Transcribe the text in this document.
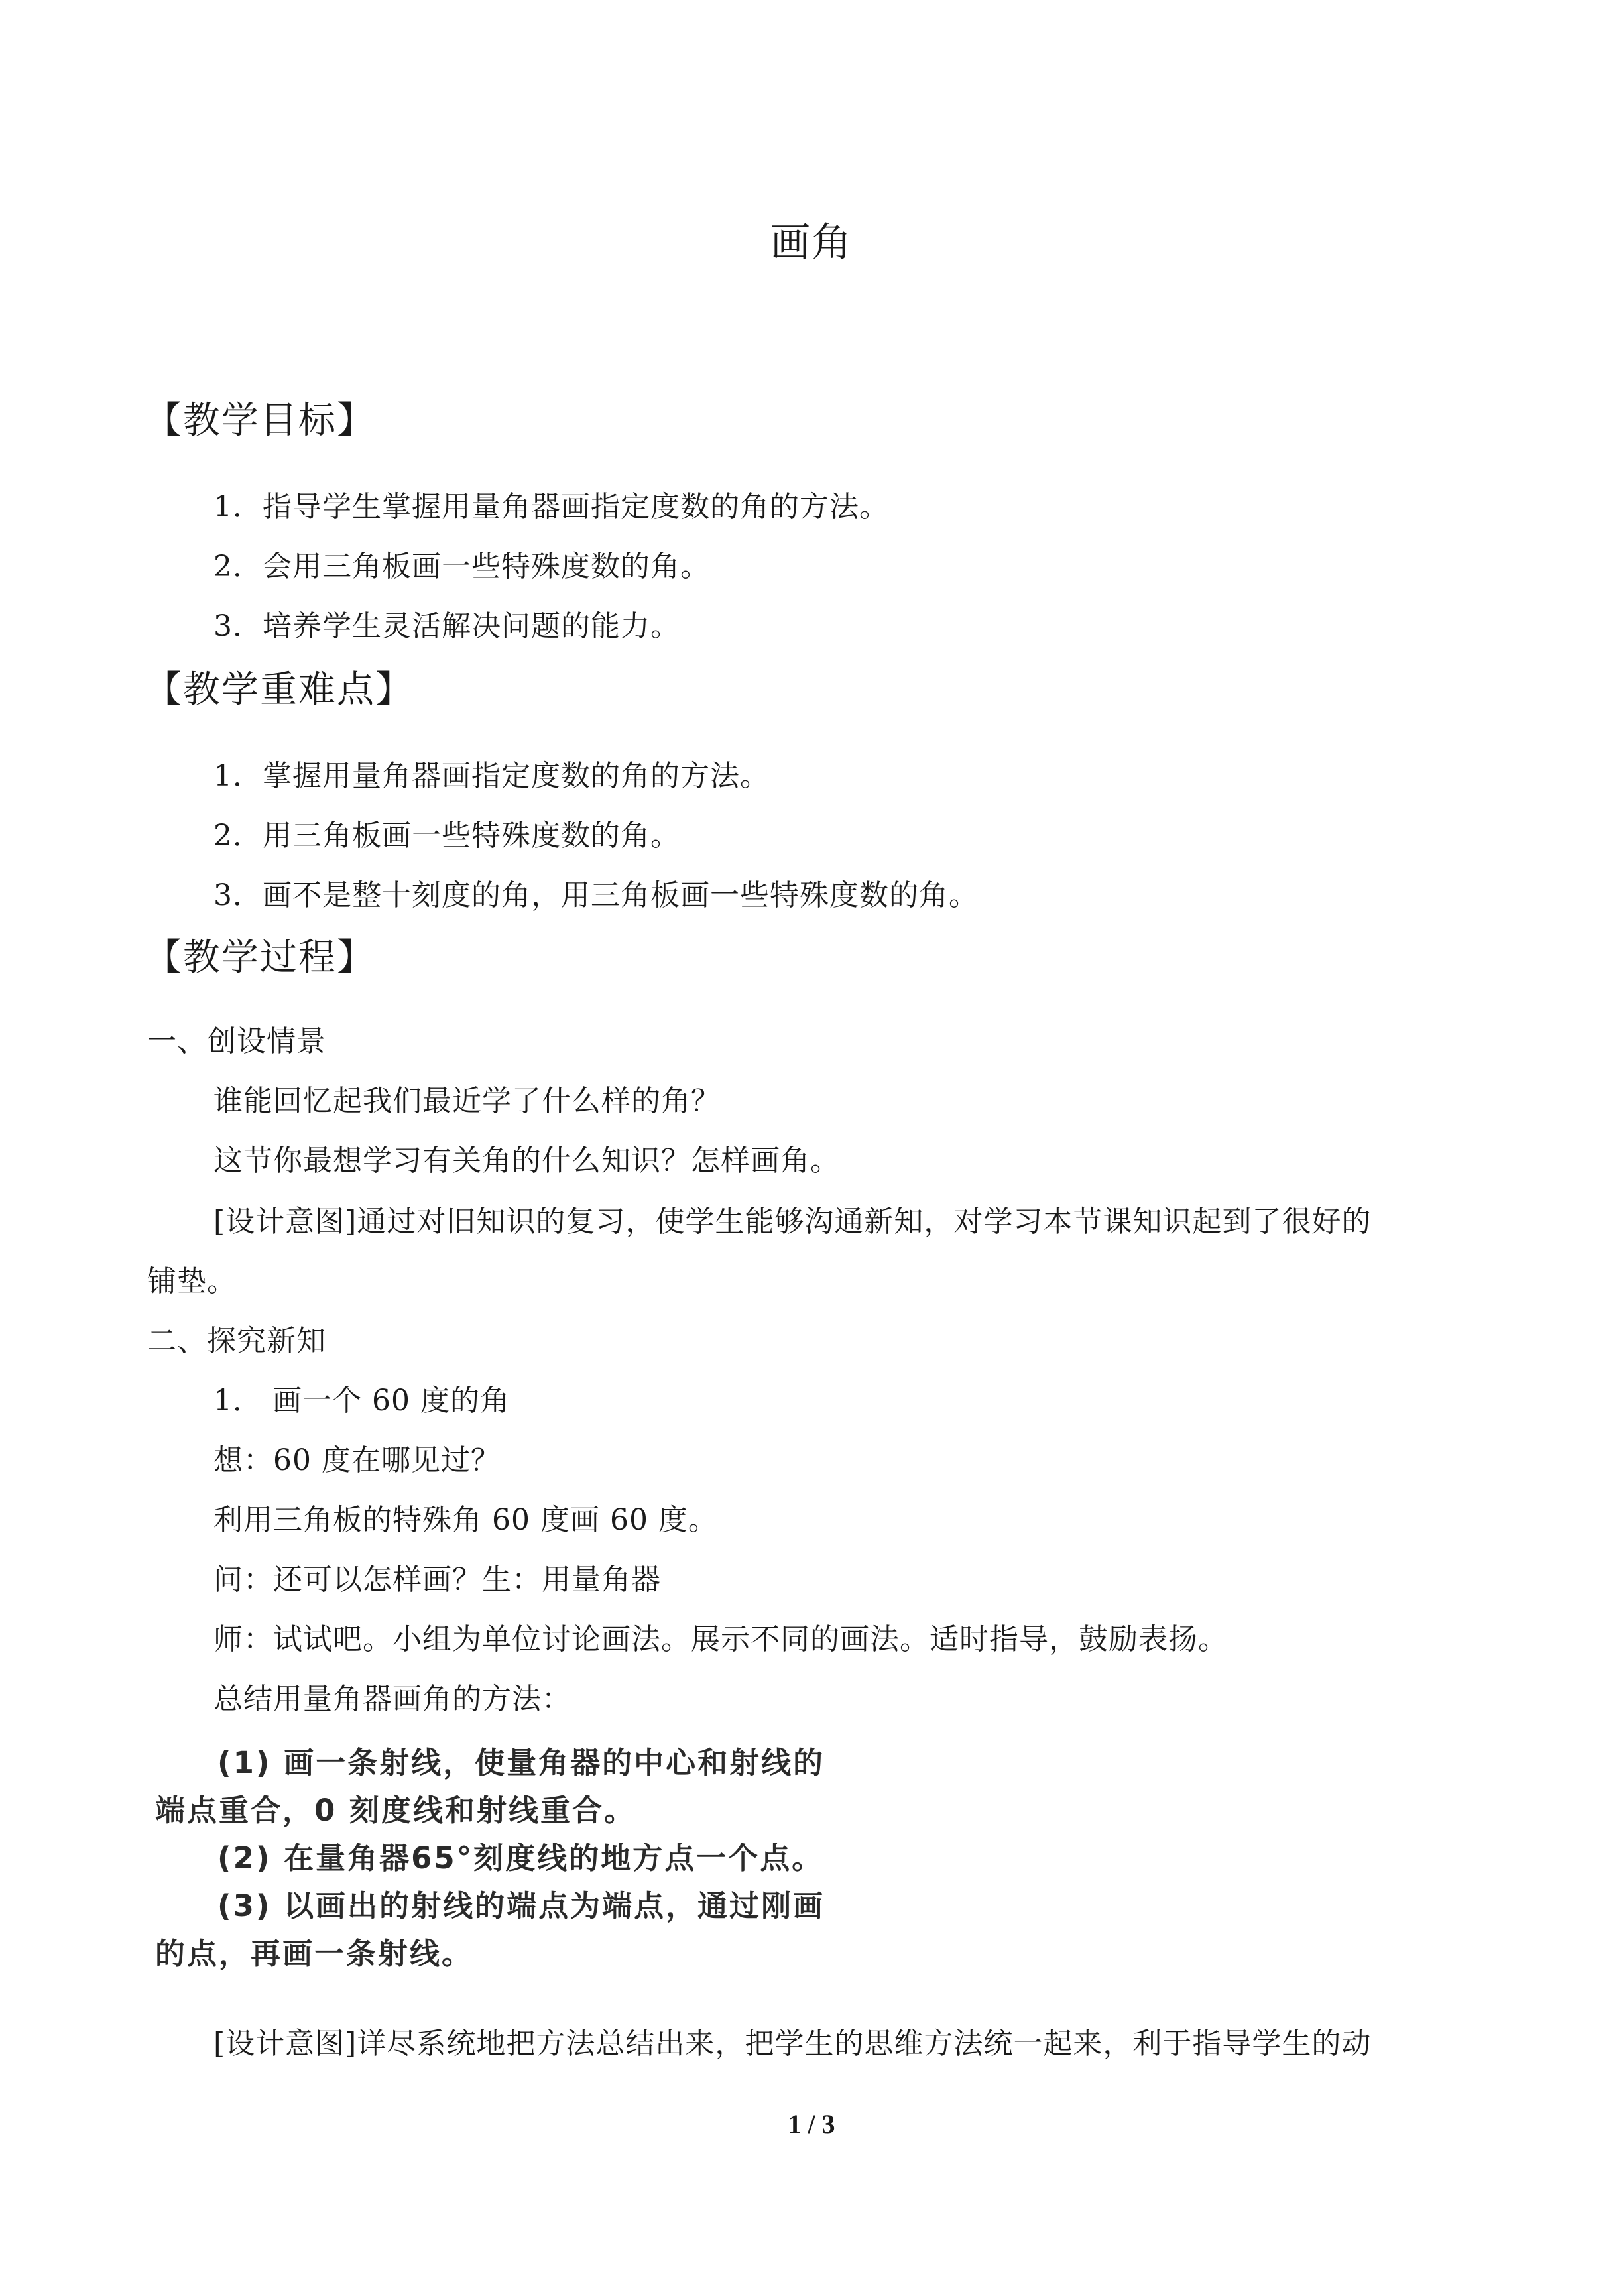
画角
【教学目标】
1．指导学生掌握用量角器画指定度数的角的方法。
2．会用三角板画一些特殊度数的角。
3．培养学生灵活解决问题的能力。
【教学重难点】
1．掌握用量角器画指定度数的角的方法。
2．用三角板画一些特殊度数的角。
3．画不是整十刻度的角，用三角板画一些特殊度数的角。
【教学过程】
一、创设情景
谁能回忆起我们最近学了什么样的角？
这节你最想学习有关角的什么知识？怎样画角。
[设计意图]通过对旧知识的复习，使学生能够沟通新知，对学习本节课知识起到了很好的
铺垫。
二、探究新知
1． 画一个 60 度的角
想：60 度在哪见过？
利用三角板的特殊角 60 度画 60 度。
问：还可以怎样画？生：用量角器
师：试试吧。小组为单位讨论画法。展示不同的画法。适时指导，鼓励表扬。
总结用量角器画角的方法：
(1) 画一条射线，使量角器的中心和射线的
端点重合，0 刻度线和射线重合。
(2) 在量角器65°刻度线的地方点一个点。
(3) 以画出的射线的端点为端点，通过刚画
的点，再画一条射线。
[设计意图]详尽系统地把方法总结出来，把学生的思维方法统一起来，利于指导学生的动
1 / 3
